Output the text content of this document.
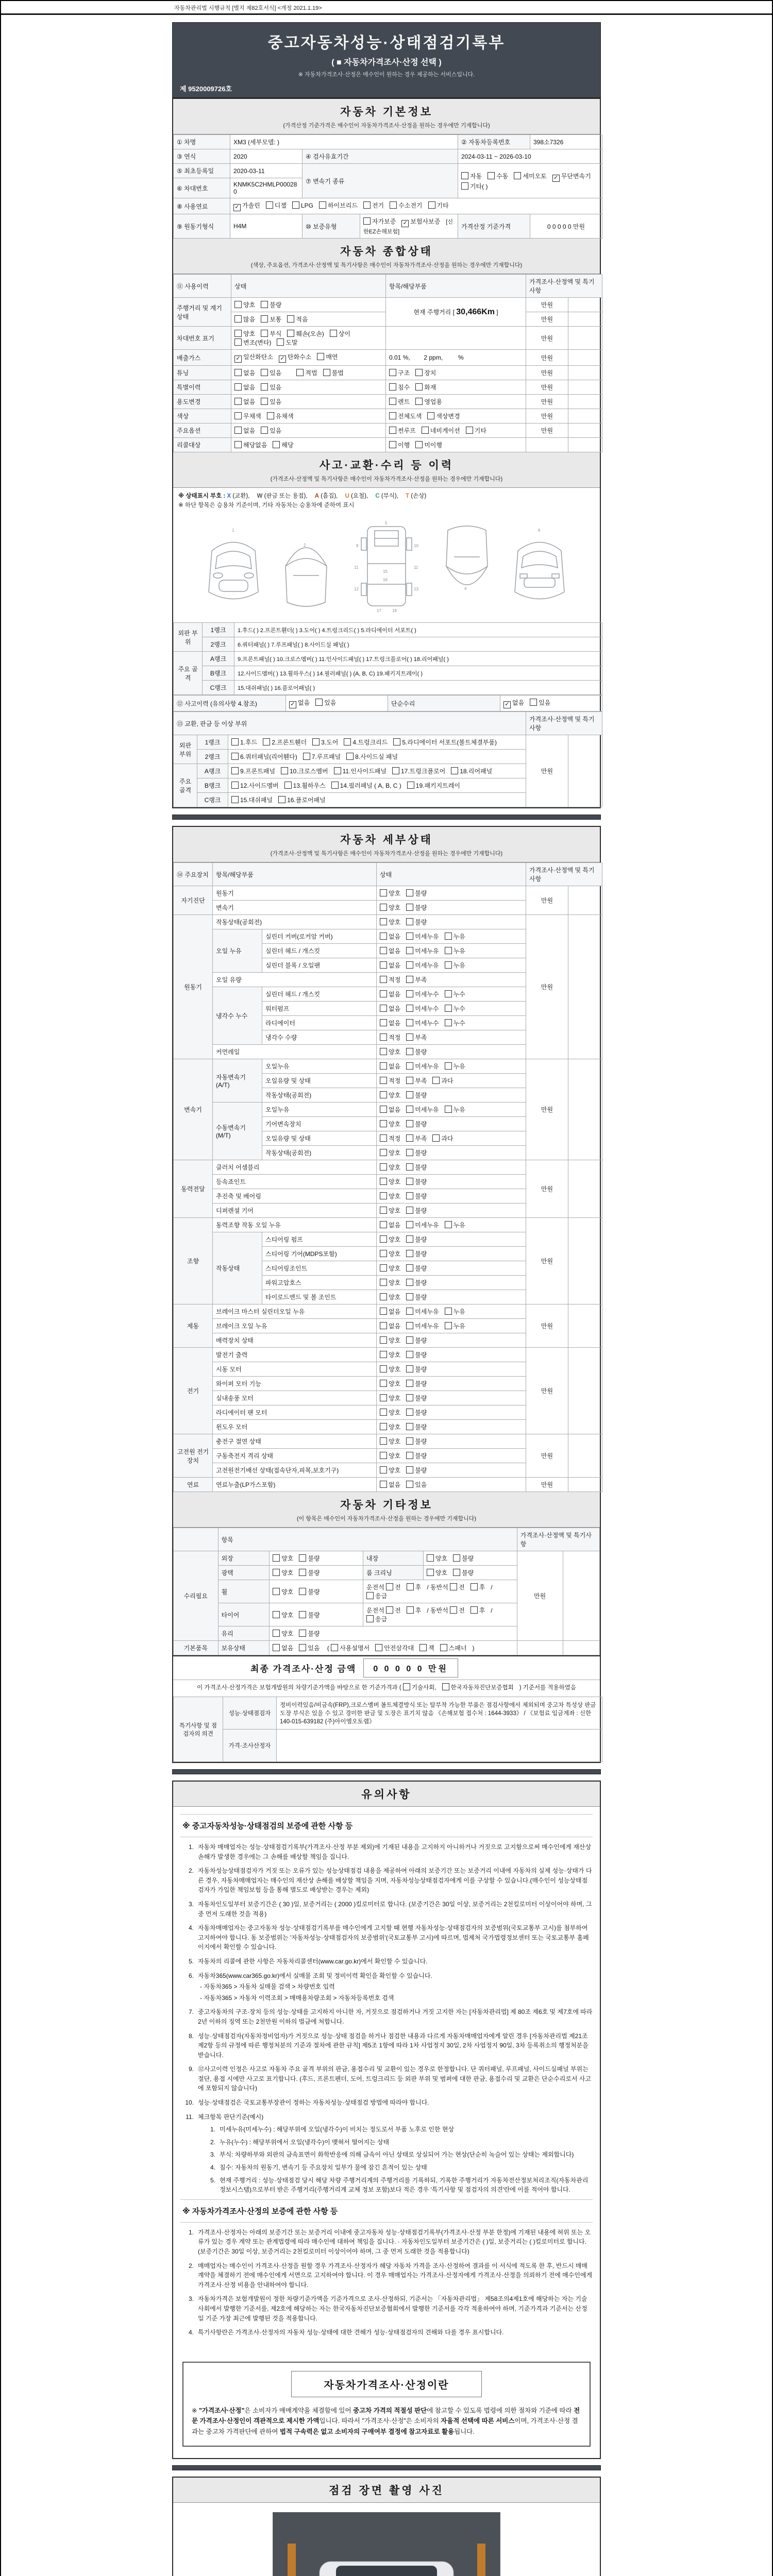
자동차관리법 시행규칙 [별지 제82호서식] <개정 2021.1.19>
중고자동차성능·상태점검기록부
( ■ 자동차가격조사·산정 선택 )
※ 자동차가격조사·산정은 매수인이 원하는 경우 제공하는 서비스입니다.
제 9520009726호
자동차 기본정보
(가격산정 기준가격은 매수인이 자동차가격조사·산정을 원하는 경우에만 기재합니다)
① 차명	XM3 (세부모델: )			② 자동차등록번호	398소7326
③ 연식	2020	④ 검사유효기간		2024-03-11 ~ 2026-03-10	
⑤ 최초등록일	2020-03-11	⑦ 변속기 종류		자동 수동 세미오토 ✓ 무단변속기기타( )
⑥ 차대번호	KNMK5C2HMLP000280				
⑧ 사용연료	✓가솔린 디젤 LPG 하이브리드 전기 수소전기 기타
⑨ 원동기형식	H4M	⑩ 보증유형	자가보증 ✓ 보험사보증 [신한EZ손해보험]	가격산정 기준가격	0 0 0 0 0 만원
자동차 종합상태
(색상, 주요옵션, 가격조사·산정액 및 특기사항은 매수인이 자동차가격조사·산정을 원하는 경우에만 기재합니다)
⑪ 사용이력	상태	항목/해당부품	가격조사·산정액 및 특기사항	
주행거리 및 계기상태	양호 불량	현재 주행거리 [ 30,466Km ]	만원	
	많음 보통 적음		만원	
차대번호 표기	양호 부식 훼손(오손) 상이변조(변타) 도말		만원	
배출가스	✓일산화탄소 ✓ 탄화수소 매연	0.01 %,        2 ppm,         %	만원	
튜닝	없음 있음 적법 불법	구조 장치	만원	
특별이력	없음 있음	침수 화재	만원	
용도변경	없음 있음	렌트 영업용	만원	
색상	무채색 유채색	전체도색 색상변경	만원	
주요옵션	없음 있음	썬루프 네비게이션 기타	만원	
리콜대상	해당없음 해당	이행 미이행		
사고·교환·수리 등 이력
(가격조사·산정액 및 특기사항은 매수인이 자동차가격조사·산정을 원하는 경우에만 기재합니다)
※ 상태표시 부호 : X (교환), W (판금 또는 용접), A (흠집), U (요철), C (부식), T (손상)
※ 하단 항목은 승용차 기준이며, 기타 자동차는 승용차에 준하여 표시
1
2
5
9	10
11	11
12	13
15
16
17	18
4
6
외판 부위	1랭크	1.후드( ) 2.프론트휀더( ) 3.도어( ) 4.트렁크리드( ) 5.라디에이터 서포트( )
	2랭크	6.쿼터패널( ) 7.루프패널( ) 8.사이드실 패널( )
주요 골격	A랭크	9.프론트패널( ) 10.크로스멤버( ) 11.인사이드패널( ) 17.트렁크플로어( ) 18.리어패널( )
	B랭크	12.사이드멤버( ) 13.휠하우스( ) 14.필러패널( ) (A, B, C) 19.패키지트레이( )
	C랭크	15.대쉬패널( ) 16.플로어패널( )
⑫ 사고이력 (유의사항 4.참조)	✓없음 있음	단순수리	✓없음 있음
⑬ 교환, 판금 등 이상 부위			가격조사·산정액 및 특기사항	
외판부위	1랭크	1.후드 2.프론트휀더 3.도어 4.트렁크리드 5.라디에이터 서포트(볼트체결부품)	만원	
	2랭크	6.쿼터패널(리어휀다) 7.루프패널 8.사이드실 패널		
주요골격	A랭크	9.프론트패널 10.크로스멤버 11.인사이드패널 17.트렁크플로어 18.리어패널		
	B랭크	12.사이드멤버 13.휠하우스 14.필러패널 ( A, B, C ) 19.패키지트레이		
	C랭크	15.대쉬패널 16.플로어패널		
자동차 세부상태
(가격조사·산정액 및 특기사항은 매수인이 자동차가격조사·산정을 원하는 경우에만 기재합니다)
⑭ 주요장치	항목/해당부품		상태	가격조사·산정액 및 특기사항	
자기진단	원동기		양호 불량	만원	
	변속기		양호 불량		
원동기	작동상태(공회전)		양호 불량	만원	
	오일 누유	실린더 커버(로커암 커버)	없음 미세누유 누유		
		실린더 헤드 / 개스킷	없음 미세누유 누유		
		실린더 블록 / 오일팬	없음 미세누유 누유		
	오일 유량		적정 부족		
	냉각수 누수	실린더 헤드 / 개스킷	없음 미세누수 누수		
		워터펌프	없음 미세누수 누수		
		라디에이터	없음 미세누수 누수		
		냉각수 수량	적정 부족		
	커먼레일		양호 불량		
변속기	자동변속기 (A/T)	오일누유	없음 미세누유 누유	만원	
		오일유량 및 상태	적정 부족 과다		
		작동상태(공회전)	양호 불량		
	수동변속기 (M/T)	오일누유	없음 미세누유 누유		
		기어변속장치	양호 불량		
		오일유량 및 상태	적정 부족 과다		
		작동상태(공회전)	양호 불량		
동력전달	클러치 어셈블리		양호 불량	만원	
	등속죠인트		양호 불량		
	추진축 및 베어링		양호 불량		
	디퍼렌셜 기어		양호 불량		
조향	동력조향 작동 오일 누유		없음 미세누유 누유	만원	
	작동상태	스티어링 펌프	양호 불량		
		스티어링 기어(MDPS포함)	양호 불량		
		스티어링조인트	양호 불량		
		파워고압호스	양호 불량		
		타이로드엔드 및 볼 조인트	양호 불량		
제동	브레이크 마스터 실린더오일 누유		없음 미세누유 누유	만원	
	브레이크 오일 누유		없음 미세누유 누유		
	배력장치 상태		양호 불량		
전기	발전기 출력		양호 불량	만원	
	시동 모터		양호 불량		
	와이퍼 모터 기능		양호 불량		
	실내송풍 모터		양호 불량		
	라디에이터 팬 모터		양호 불량		
	윈도우 모터		양호 불량		
고전원 전기장치	충전구 절연 상태		양호 불량	만원	
	구동축전지 격리 상태		양호 불량		
	고전원전기배선 상태(접속단자,피복,보호기구)		양호 불량		
연료	연료누출(LP가스포함)		없음 있음	만원	
자동차 기타정보
(이 항목은 매수인이 자동차가격조사·산정을 원하는 경우에만 기재합니다)
	항목				가격조사·산정액 및 특기사항	
수리필요	외장	양호 불량	내장	양호 불량	만원	
	광택	양호 불량	룸 크리닝	양호 불량		
	휠	양호 불량	운전석 전 후 / 동반석 전 후 / 응급			
	타이어	양호 불량	운전석 전 후 / 동반석 전 후 / 응급			
	유리	양호 불량				
기본품목	보유상태	없음 있음 ( 사용설명서 안전삼각대 잭 스패너 )				
최종 가격조사·산정 금액	0 0 0 0 0 만원
이 가격조사·산정가격은 보험개발원의 차량기준가액을 바탕으로 한 기준가격과 ( 기술사회, 한국자동차진단보증협회 ) 기준서를 적용하였음
특기사항 및 점검자의 의견	성능·상태점검자	정비이력있음/비금속(FRP),크로스멤버 볼트체결방식 또는 탈부착 가능한 부품은 점검사항에서 제외되며 중고차 특성상 판금 도장 부식은 있을 수 있고 경미한 판금 및 도장은 표기치 않음 《손해보험 접수처 : 1644-3933》 / 《보험료 입금계좌 : 신한 140-015-639182 (주)아이엠오토랩》
	가격·조사산정자	
유의사항
※ 중고자동차성능·상태점검의 보증에 관한 사항 등
1. 자동차 매매업자는 성능·상태점검기록부(가격조사·산정 부분 제외)에 기재된 내용을 고지하지 아니하거나 거짓으로 고지함으로써 매수인에게 재산상 손해가 발생한 경우에는 그 손해를 배상할 책임을 집니다.
2. 자동차성능상태점검자가 거짓 또는 오류가 있는 성능상태점검 내용을 제공하여 아래의 보증기간 또는 보증거리 이내에 자동차의 실제 성능·상태가 다른 경우, 자동차매매업자는 매수인의 재산상 손해를 배상할 책임을 지며, 자동차성능상태점검자에게 이를 구상할 수 있습니다.(매수인이 성능상태점검자가 가입한 책임보험 등을 통해 별도로 배상받는 경우는 제외)
3. 자동차인도일부터 보증기간은 ( 30 )일, 보증거리는 ( 2000 )킬로미터로 합니다. (보증기간은 30일 이상, 보증거리는 2천킬로미터 이상이어야 하며, 그 중 먼저 도래한 것을 적용)
4. 자동차매매업자는 중고자동차 성능·상태점검기록부를 매수인에게 고지할 때 현행 자동차성능·상태점검자의 보증범위(국토교통부 고시)를 첨부하여 고지하여야 합니다. 동 보증범위는 '자동차성능·상태점검자의 보증범위'(국토교통부 고시)에 따르며, 법제처 국가법령정보센터 또는 국토교통부 홈페이지에서 확인할 수 있습니다.
5. 자동차의 리콜에 관한 사항은 자동차리콜센터(www.car.go.kr)에서 확인할 수 있습니다.
6. 자동차365(www.car365.go.kr)에서 실매물 조회 및 정비이력 확인을 확인할 수 있습니다.
- 자동차365 > 자동차 실매물 검색 > 차량번호 입력
- 자동차365 > 자동차 이력조회 > 매매용차량조회 > 자동차등록번호 검색
7. 중고자동차의 구조·장치 등의 성능·상태를 고지하지 아니한 자, 거짓으로 점검하거나 거짓 고지한 자는 [자동차관리법] 제 80조 제6호 및 제7호에 따라 2년 이하의 징역 또는 2천만원 이하의 벌금에 처합니다.
8. 성능·상태점검자(자동차정비업자)가 거짓으로 성능·상태 점검을 하거나 점검한 내용과 다르게 자동차매매업자에게 알린 경우 [자동차관리법 제21조 제2항 등의 규정에 따른 행정처분의 기준과 절차에 관한 규칙] 제5조 1항에 따라 1차 사업정지 30일, 2차 사업정지 90일, 3차 등록취소의 행정처분을 받습니다.
9. ⑫사고이력 인정은 사고로 자동차 주요 골격 부위의 판금, 용접수리 및 교환이 있는 경우로 한정합니다. 단 쿼터패널, 루프패널, 사이드실패널 부위는 절단, 용접 시에만 사고로 표기합니다. (후드, 프론트펜더, 도어, 트렁크리드 등 외판 부위 및 범퍼에 대한 판금, 용접수리 및 교환은 단순수리로서 사고에 포함되지 않습니다)
10. 성능·상태점검은 국토교통부장관이 정하는 자동차성능·상태점검 방법에 따라야 합니다.
11. 체크항목 판단기준(예시)
1. 미세누유(미세누수) : 해당부위에 오일(냉각수)이 비치는 정도로서 부품 노후로 인한 현상
2. 누유(누수) : 해당부위에서 오일(냉각수)이 맺혀서 떨어지는 상태
3. 부식: 차량하부와 외판의 금속표면이 화학반응에 의해 금속이 아닌 상태로 상실되어 가는 현상(단순히 녹슬어 있는 상태는 제외합니다)
4. 침수: 자동차의 원동기, 변속기 등 주요장치 일부가 물에 잠긴 흔적이 있는 상태
5. 현재 주행거리 : 성능·상태점검 당시 해당 차량 주행거리계의 주행거리를 기록하되, 기록한 주행거리가 자동차전산정보처리조직(자동차관리정보시스템)으로부터 받은 주행거리(주행거리계 교체 정보 포함)보다 적은 경우 '특기사항 및 점검자의 의견'란에 이를 적어야 합니다.
※ 자동차가격조사·산정의 보증에 관한 사항 등
1. 가격조사·산정자는 아래의 보증기간 또는 보증거리 이내에 중고자동차 성능·상태점검기록부(가격조사·산정 부분 한정)에 기재된 내용에 허위 또는 오류가 있는 경우 계약 또는 관계법령에 따라 매수인에 대하여 책임을 집니다. · 자동차인도일부터 보증기간은 ( )일, 보증거리는 ( )킬로미터로 합니다. (보증기간은 30일 이상, 보증거리는 2천킬로미터 이상이어야 하며, 그 중 먼저 도래한 것을 적용합니다)
2. 매매업자는 매수인이 가격조사·산정을 원할 경우 가격조사·산정자가 해당 자동차 가격을 조사·산정하여 결과를 이 서식에 적도록 한 후, 반드시 매매계약을 체결하기 전에 매수인에게 서면으로 고지하여야 합니다. 이 경우 매매업자는 가격조사·산정자에게 가격조사·산정을 의뢰하기 전에 매수인에게 가격조사·산정 비용을 안내하여야 합니다.
3. 자동차가격은 보험개발원이 정한 차량기준가액을 기준가격으로 조사·산정하되, 기준서는 「자동차관리법」 제58조의4제1호에 해당하는 자는 기술사회에서 발행한 기준서를, 제2호에 해당하는 자는 한국자동차진단보증협회에서 발행한 기준서를 각각 적용하여야 하며, 기준가격과 기준서는 산정일 기준 가장 최근에 발행된 것을 적용합니다.
4. 특기사항란은 가격조사·산정자의 자동차 성능·상태에 대한 견해가 성능·상태점검자의 견해와 다를 경우 표시합니다.
자동차가격조사·산정이란
※ "가격조사·산정"은 소비자가 매매계약을 체결함에 있어 중고차 가격의 적절성 판단에 참고할 수 있도록 법령에 의한 절차와 기준에 따라 전문 가격조사·산정인이 객관적으로 제시한 가액입니다. 따라서 "가격조사·산정"은 소비자의 자율적 선택에 따른 서비스이며, 가격조사·산정 결과는 중고차 가격판단에 관하여 법적 구속력은 없고 소비자의 구매여부 결정에 참고자료로 활용됩니다.
점검 장면 촬영 사진
